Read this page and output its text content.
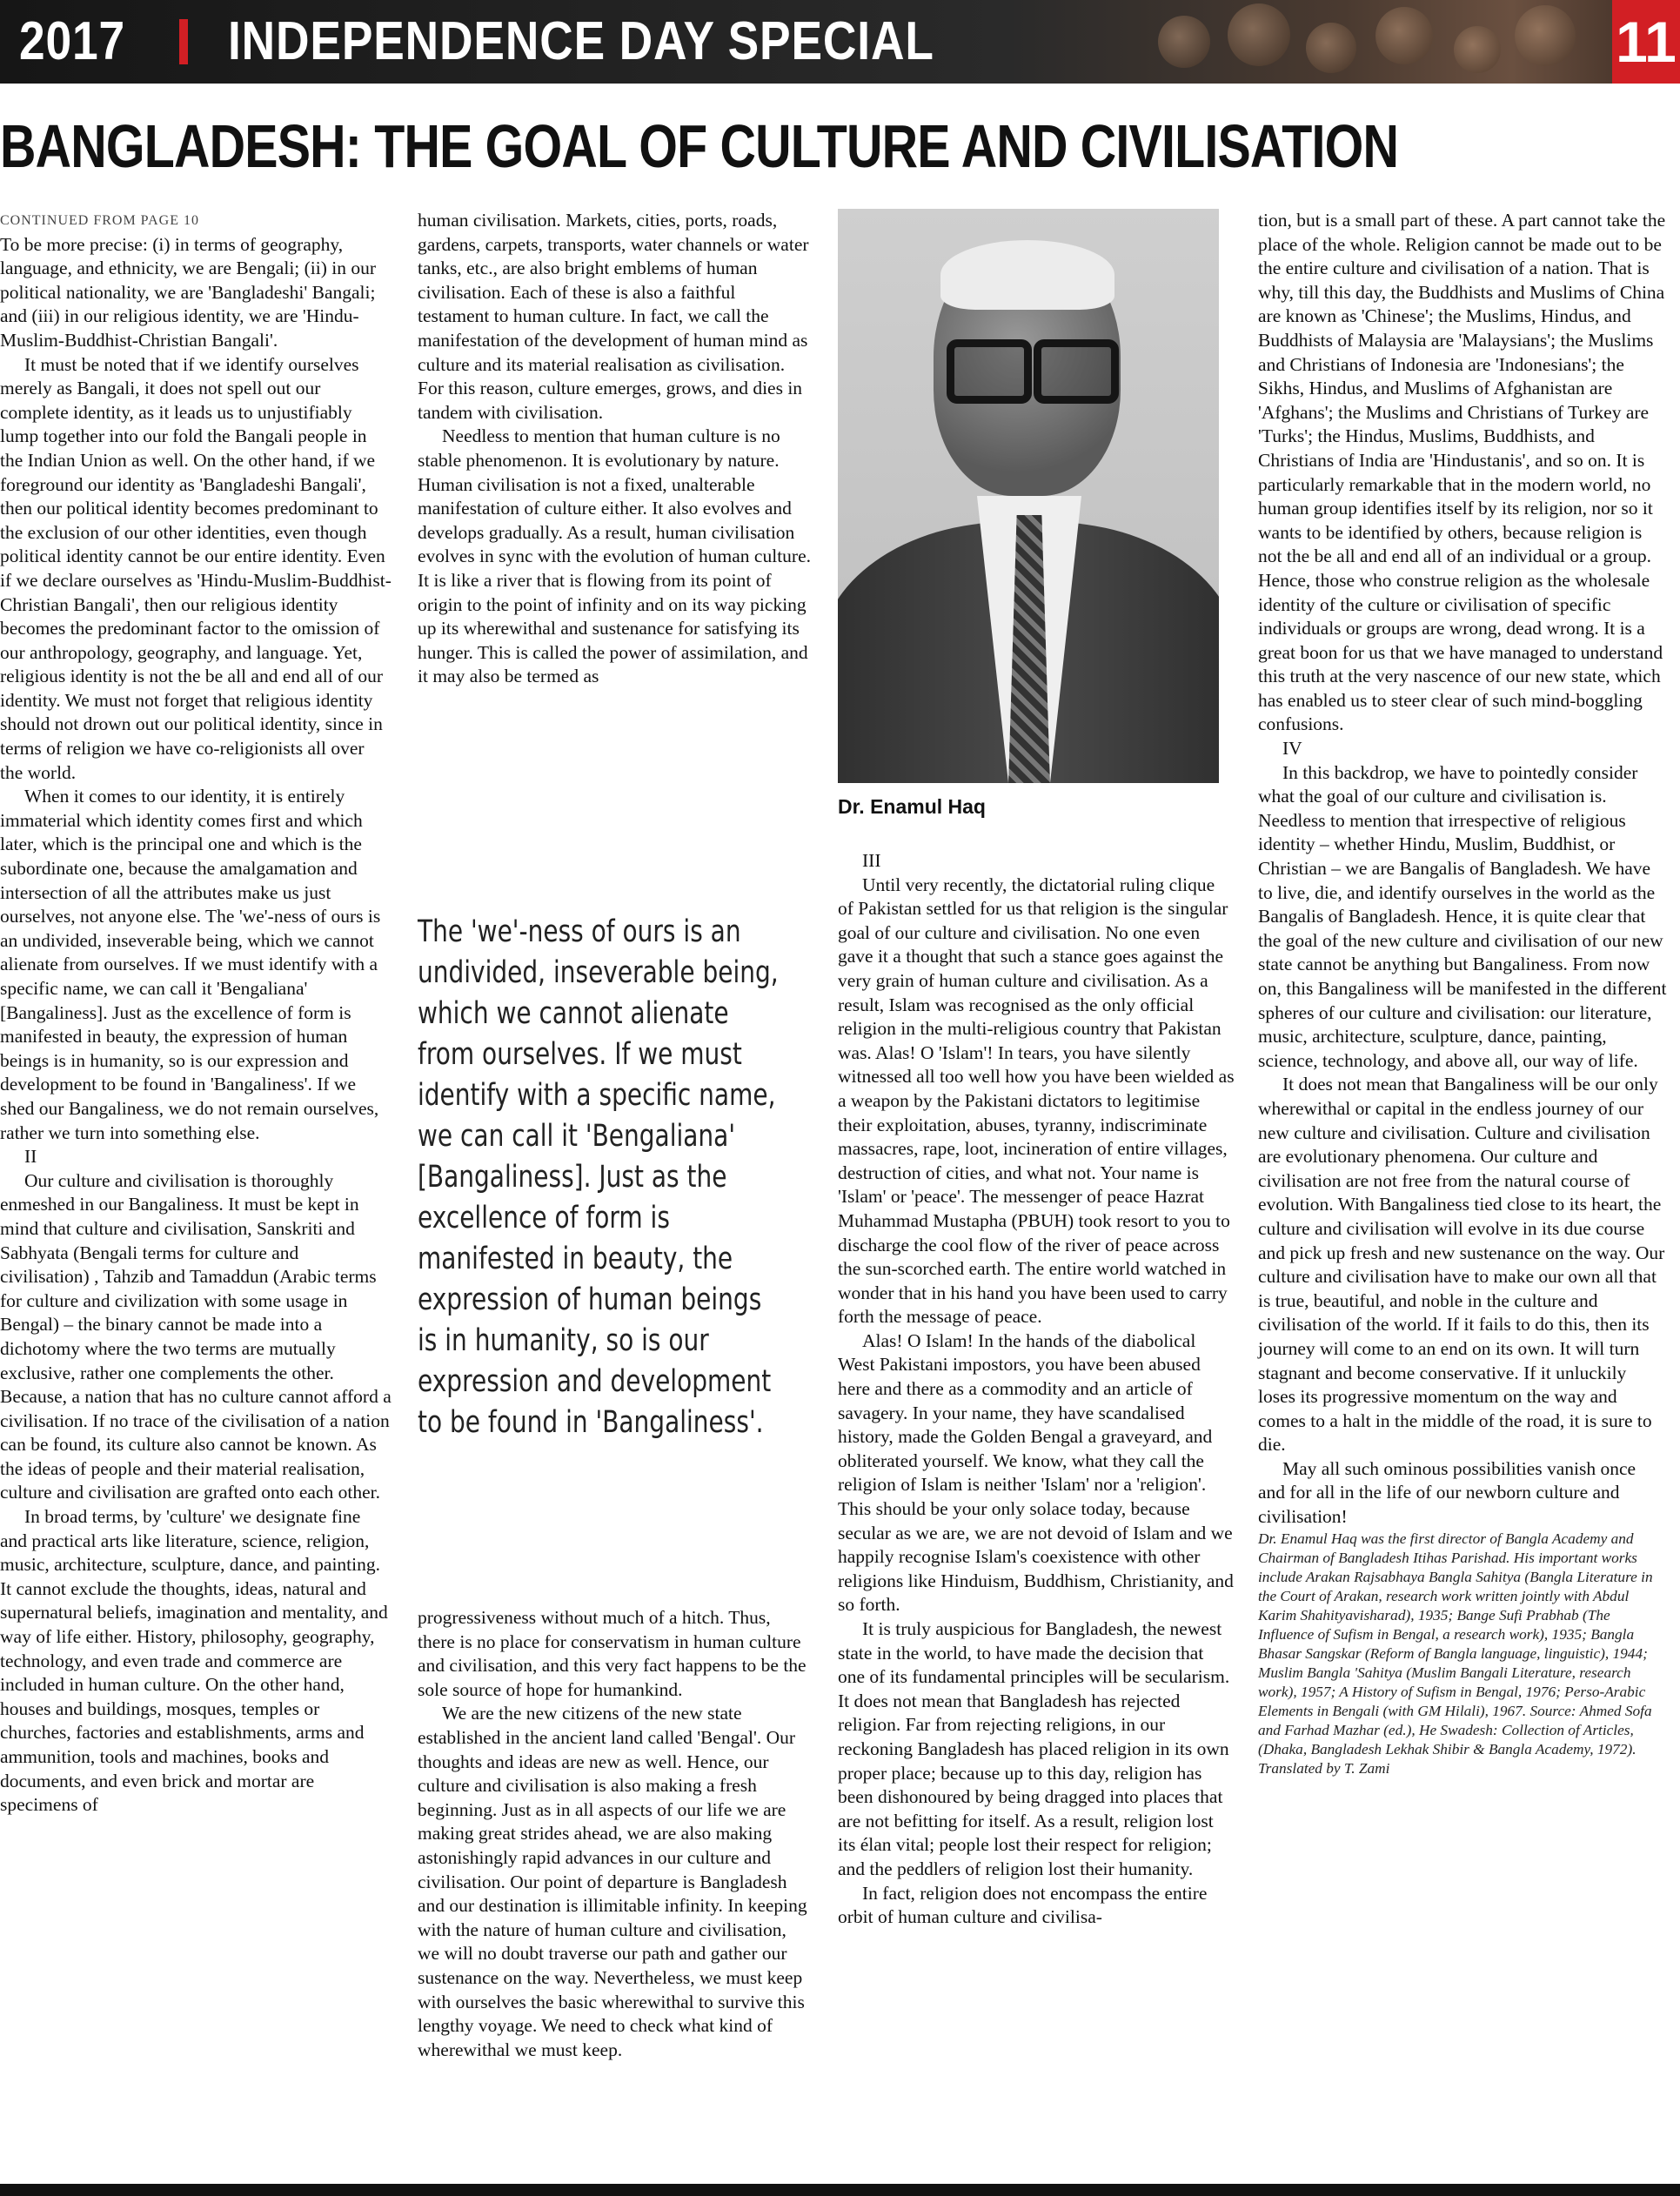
2017 INDEPENDENCE DAY SPECIAL	11
BANGLADESH: THE GOAL OF CULTURE AND CIVILISATION

CONTINUED FROM PAGE 10

To be more precise: (i) in terms of geography, language, and ethnicity, we are Bengali; (ii) in our political nationality, we are 'Bangladeshi' Bangali; and (iii) in our religious identity, we are 'Hindu-Muslim-Buddhist-Christian Bangali'.

It must be noted that if we identify ourselves merely as Bangali, it does not spell out our complete identity, as it leads us to unjustifiably lump together into our fold the Bangali people in the Indian Union as well. On the other hand, if we foreground our identity as 'Bangladeshi Bangali', then our political identity becomes predominant to the exclusion of our other identities, even though political identity cannot be our entire identity. Even if we declare ourselves as 'Hindu-Muslim-Buddhist-Christian Bangali', then our religious identity becomes the predominant factor to the omission of our anthropology, geography, and language. Yet, religious identity is not the be all and end all of our identity. We must not forget that religious identity should not drown out our political identity, since in terms of religion we have co-religionists all over the world.

When it comes to our identity, it is entirely immaterial which identity comes first and which later, which is the principal one and which is the subordinate one, because the amalgamation and intersection of all the attributes make us just ourselves, not anyone else. The 'we'-ness of ours is an undivided, inseverable being, which we cannot alienate from ourselves. If we must identify with a specific name, we can call it 'Bengaliana' [Bangaliness]. Just as the excellence of form is manifested in beauty, the expression of human beings is in humanity, so is our expression and development to be found in 'Bangaliness'. If we shed our Bangaliness, we do not remain ourselves, rather we turn into something else.

II

Our culture and civilisation is thoroughly enmeshed in our Bangaliness. It must be kept in mind that culture and civilisation, Sanskriti and Sabhyata (Bengali terms for culture and civilisation) , Tahzib and Tamaddun (Arabic terms for culture and civilization with some usage in Bengal) – the binary cannot be made into a dichotomy where the two terms are mutually exclusive, rather one complements the other. Because, a nation that has no culture cannot afford a civilisation. If no trace of the civilisation of a nation can be found, its culture also cannot be known. As the ideas of people and their material realisation, culture and civilisation are grafted onto each other.

In broad terms, by 'culture' we designate fine and practical arts like literature, science, religion, music, architecture, sculpture, dance, and painting. It cannot exclude the thoughts, ideas, natural and supernatural beliefs, imagination and mentality, and way of life either. History, philosophy, geography, technology, and even trade and commerce are included in human culture. On the other hand, houses and buildings, mosques, temples or churches, factories and establishments, arms and ammunition, tools and machines, books and documents, and even brick and mortar are specimens of

human civilisation. Markets, cities, ports, roads, gardens, carpets, transports, water channels or water tanks, etc., are also bright emblems of human civilisation. Each of these is also a faithful testament to human culture. In fact, we call the manifestation of the development of human mind as culture and its material realisation as civilisation. For this reason, culture emerges, grows, and dies in tandem with civilisation.

Needless to mention that human culture is no stable phenomenon. It is evolutionary by nature. Human civilisation is not a fixed, unalterable manifestation of culture either. It also evolves and develops gradually. As a result, human civilisation evolves in sync with the evolution of human culture. It is like a river that is flowing from its point of origin to the point of infinity and on its way picking up its wherewithal and sustenance for satisfying its hunger. This is called the power of assimilation, and it may also be termed as

The 'we'-ness of ours is an undivided, inseverable being, which we cannot alienate from ourselves. If we must identify with a specific name, we can call it 'Bengaliana' [Bangaliness]. Just as the excellence of form is manifested in beauty, the expression of human beings is in humanity, so is our expression and development to be found in 'Bangaliness'.

progressiveness without much of a hitch. Thus, there is no place for conservatism in human culture and civilisation, and this very fact happens to be the sole source of hope for humankind.

We are the new citizens of the new state established in the ancient land called 'Bengal'. Our thoughts and ideas are new as well. Hence, our culture and civilisation is also making a fresh beginning. Just as in all aspects of our life we are making great strides ahead, we are also making astonishingly rapid advances in our culture and civilisation. Our point of departure is Bangladesh and our destination is illimitable infinity. In keeping with the nature of human culture and civilisation, we will no doubt traverse our path and gather our sustenance on the way. Nevertheless, we must keep with ourselves the basic wherewithal to survive this lengthy voyage. We need to check what kind of wherewithal we must keep.

Dr. Enamul Haq

III

Until very recently, the dictatorial ruling clique of Pakistan settled for us that religion is the singular goal of our culture and civilisation. No one even gave it a thought that such a stance goes against the very grain of human culture and civilisation. As a result, Islam was recognised as the only official religion in the multi-religious country that Pakistan was. Alas! O 'Islam'! In tears, you have silently witnessed all too well how you have been wielded as a weapon by the Pakistani dictators to legitimise their exploitation, abuses, tyranny, indiscriminate massacres, rape, loot, incineration of entire villages, destruction of cities, and what not. Your name is 'Islam' or 'peace'. The messenger of peace Hazrat Muhammad Mustapha (PBUH) took resort to you to discharge the cool flow of the river of peace across the sun-scorched earth. The entire world watched in wonder that in his hand you have been used to carry forth the message of peace.

Alas! O Islam! In the hands of the diabolical West Pakistani impostors, you have been abused here and there as a commodity and an article of savagery. In your name, they have scandalised history, made the Golden Bengal a graveyard, and obliterated yourself. We know, what they call the religion of Islam is neither 'Islam' nor a 'religion'. This should be your only solace today, because secular as we are, we are not devoid of Islam and we happily recognise Islam's coexistence with other religions like Hinduism, Buddhism, Christianity, and so forth.

It is truly auspicious for Bangladesh, the newest state in the world, to have made the decision that one of its fundamental principles will be secularism. It does not mean that Bangladesh has rejected religion. Far from rejecting religions, in our reckoning Bangladesh has placed religion in its own proper place; because up to this day, religion has been dishonoured by being dragged into places that are not befitting for itself. As a result, religion lost its élan vital; people lost their respect for religion; and the peddlers of religion lost their humanity.

In fact, religion does not encompass the entire orbit of human culture and civilisa-

tion, but is a small part of these. A part cannot take the place of the whole. Religion cannot be made out to be the entire culture and civilisation of a nation. That is why, till this day, the Buddhists and Muslims of China are known as 'Chinese'; the Muslims, Hindus, and Buddhists of Malaysia are 'Malaysians'; the Muslims and Christians of Indonesia are 'Indonesians'; the Sikhs, Hindus, and Muslims of Afghanistan are 'Afghans'; the Muslims and Christians of Turkey are 'Turks'; the Hindus, Muslims, Buddhists, and Christians of India are 'Hindustanis', and so on. It is particularly remarkable that in the modern world, no human group identifies itself by its religion, nor so it wants to be identified by others, because religion is not the be all and end all of an individual or a group. Hence, those who construe religion as the wholesale identity of the culture or civilisation of specific individuals or groups are wrong, dead wrong. It is a great boon for us that we have managed to understand this truth at the very nascence of our new state, which has enabled us to steer clear of such mind-boggling confusions.

IV

In this backdrop, we have to pointedly consider what the goal of our culture and civilisation is. Needless to mention that irrespective of religious identity – whether Hindu, Muslim, Buddhist, or Christian – we are Bangalis of Bangladesh. We have to live, die, and identify ourselves in the world as the Bangalis of Bangladesh. Hence, it is quite clear that the goal of the new culture and civilisation of our new state cannot be anything but Bangaliness. From now on, this Bangaliness will be manifested in the different spheres of our culture and civilisation: our literature, music, architecture, sculpture, dance, painting, science, technology, and above all, our way of life.

It does not mean that Bangaliness will be our only wherewithal or capital in the endless journey of our new culture and civilisation. Culture and civilisation are evolutionary phenomena. Our culture and civilisation are not free from the natural course of evolution. With Bangaliness tied close to its heart, the culture and civilisation will evolve in its due course and pick up fresh and new sustenance on the way. Our culture and civilisation have to make our own all that is true, beautiful, and noble in the culture and civilisation of the world. If it fails to do this, then its journey will come to an end on its own. It will turn stagnant and become conservative. If it unluckily loses its progressive momentum on the way and comes to a halt in the middle of the road, it is sure to die.

May all such ominous possibilities vanish once and for all in the life of our newborn culture and civilisation!

Dr. Enamul Haq was the first director of Bangla Academy and Chairman of Bangladesh Itihas Parishad. His important works include Arakan Rajsabhaya Bangla Sahitya (Bangla Literature in the Court of Arakan, research work written jointly with Abdul Karim Shahityavisharad), 1935; Bange Sufi Prabhab (The Influence of Sufism in Bengal, a research work), 1935; Bangla Bhasar Sangskar (Reform of Bangla language, linguistic), 1944; Muslim Bangla 'Sahitya (Muslim Bangali Literature, research work), 1957; A History of Sufism in Bengal, 1976; Perso-Arabic Elements in Bengali (with GM Hilali), 1967. Source: Ahmed Sofa and Farhad Mazhar (ed.), He Swadesh: Collection of Articles, (Dhaka, Bangladesh Lekhak Shibir & Bangla Academy, 1972). Translated by T. Zami
